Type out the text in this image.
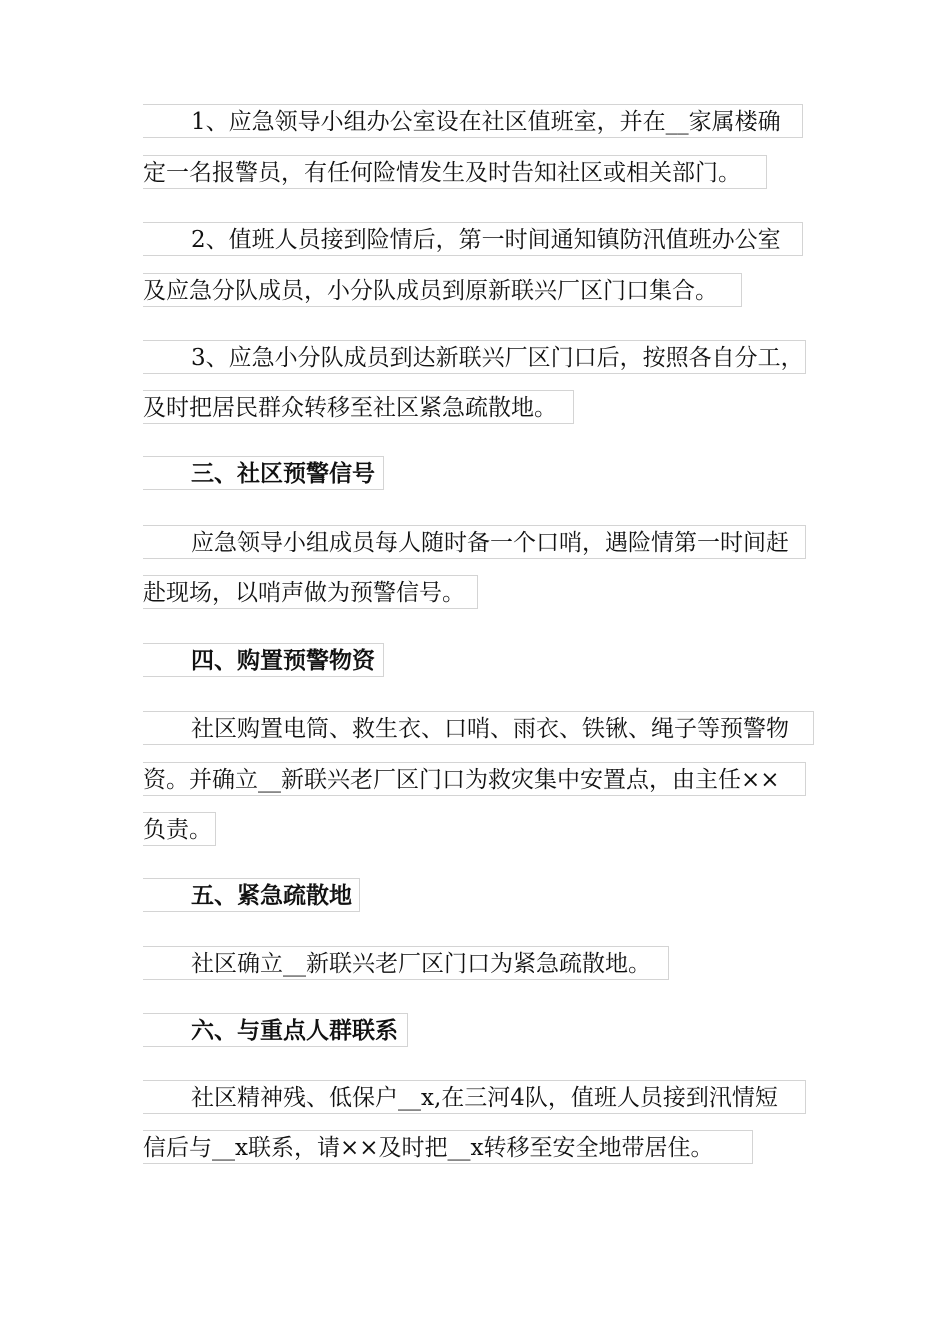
1、应急领导小组办公室设在社区值班室，并在__家属楼确
定一名报警员，有任何险情发生及时告知社区或相关部门。
2、值班人员接到险情后，第一时间通知镇防汛值班办公室
及应急分队成员，小分队成员到原新联兴厂区门口集合。
3、应急小分队成员到达新联兴厂区门口后，按照各自分工，
及时把居民群众转移至社区紧急疏散地。
三、社区预警信号
应急领导小组成员每人随时备一个口哨，遇险情第一时间赶
赴现场，以哨声做为预警信号。
四、购置预警物资
社区购置电筒、救生衣、口哨、雨衣、铁锹、绳子等预警物
资。并确立__新联兴老厂区门口为救灾集中安置点，由主任××
负责。
五、紧急疏散地
社区确立__新联兴老厂区门口为紧急疏散地。
六、与重点人群联系
社区精神残、低保户__x,在三河4队，值班人员接到汛情短
信后与__x联系，请××及时把__x转移至安全地带居住。
